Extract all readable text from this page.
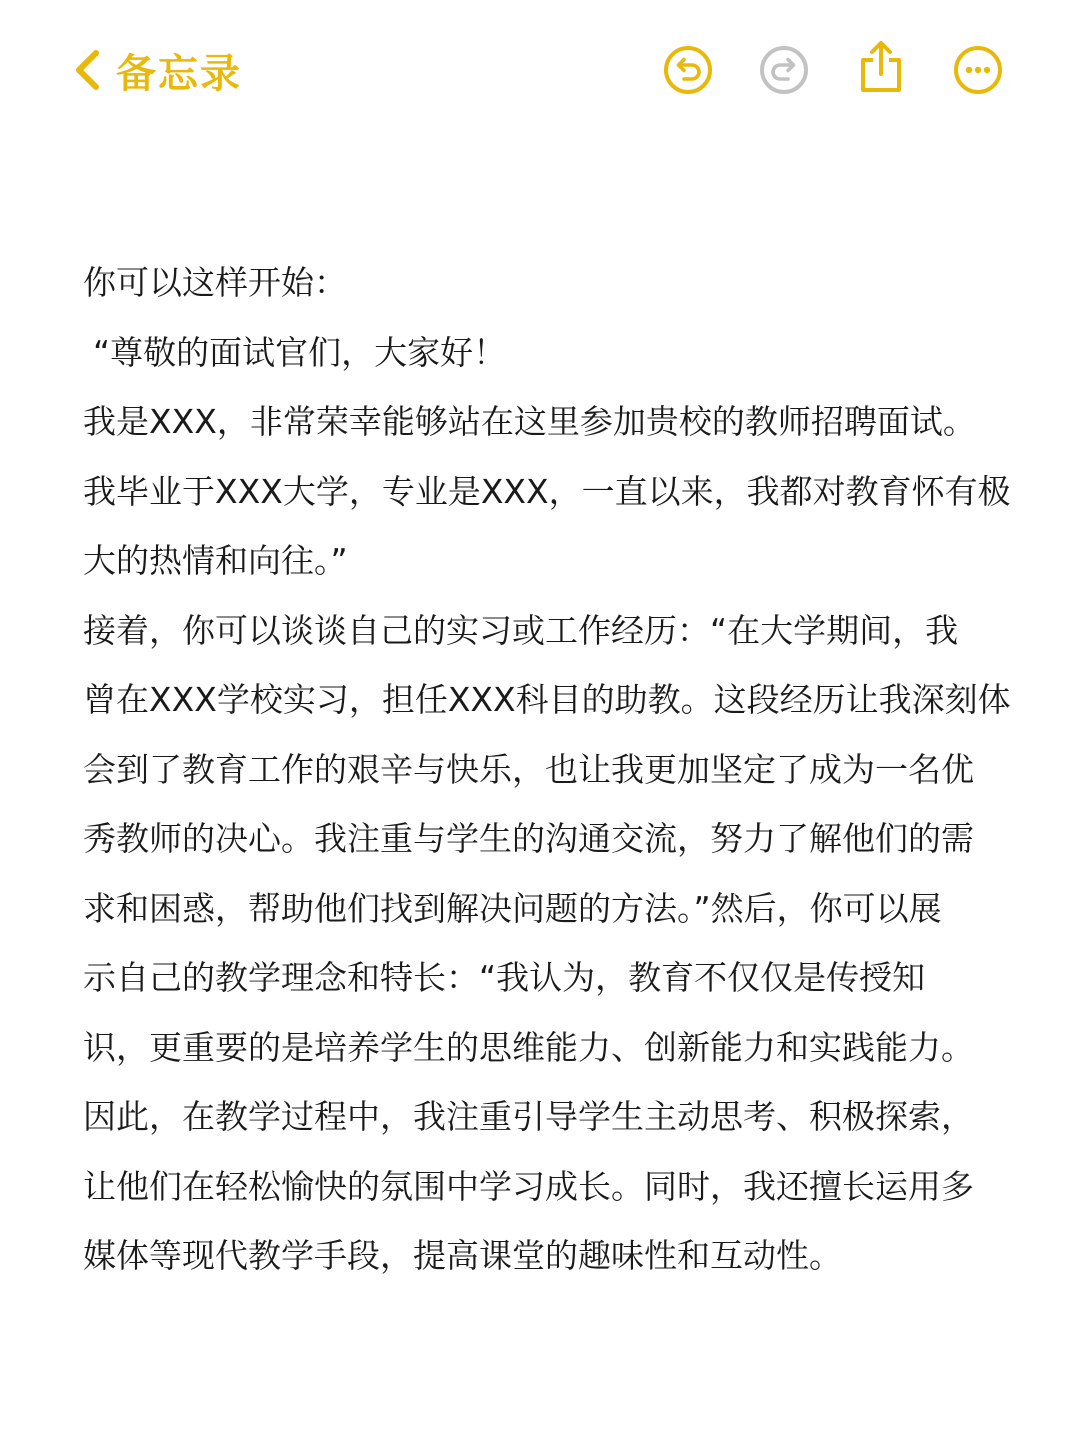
备忘录
你可以这样开始：
“尊敬的面试官们，大家好！
我是XXX，非常荣幸能够站在这里参加贵校的教师招聘面试。
我毕业于XXX大学，专业是XXX，一直以来，我都对教育怀有极
大的热情和向往。”
接着，你可以谈谈自己的实习或工作经历：“在大学期间，我
曾在XXX学校实习，担任XXX科目的助教。这段经历让我深刻体
会到了教育工作的艰辛与快乐，也让我更加坚定了成为一名优
秀教师的决心。我注重与学生的沟通交流，努力了解他们的需
求和困惑，帮助他们找到解决问题的方法。”然后，你可以展
示自己的教学理念和特长：“我认为，教育不仅仅是传授知
识，更重要的是培养学生的思维能力、创新能力和实践能力。
因此，在教学过程中，我注重引导学生主动思考、积极探索，
让他们在轻松愉快的氛围中学习成长。同时，我还擅长运用多
媒体等现代教学手段，提高课堂的趣味性和互动性。
